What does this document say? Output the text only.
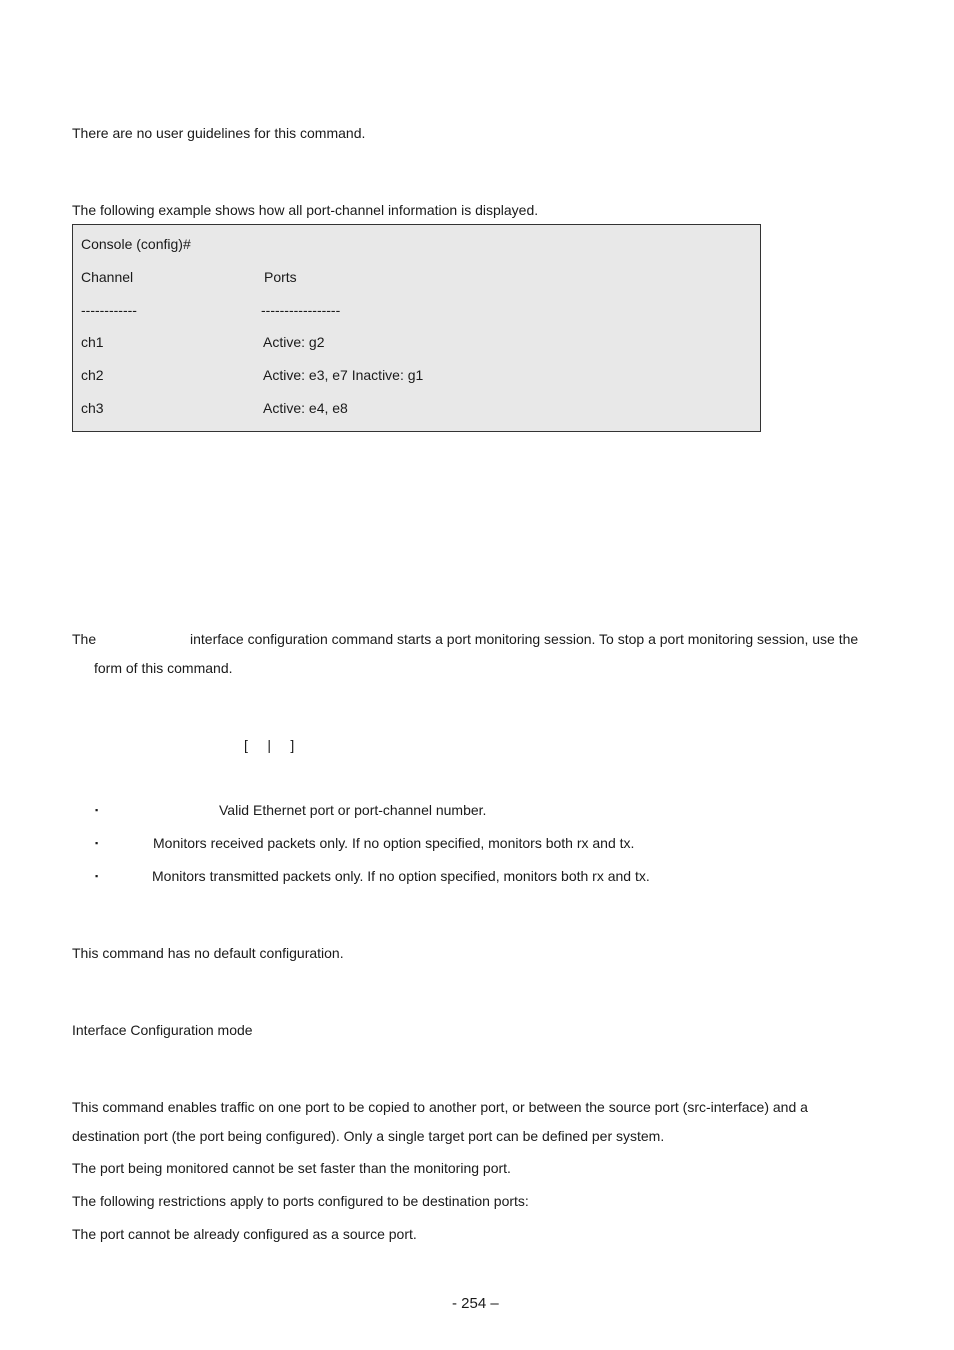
There are no user guidelines for this command.
The following example shows how all port-channel information is displayed.
Console (config)#
Channel	Ports
------------	-----------------
ch1	Active: g2
ch2	Active: e3, e7 Inactive: g1
ch3	Active: e4, e8
The	interface configuration command starts a port monitoring session. To stop a port monitoring session, use the
form of this command.
[     |     ]
▪	Valid Ethernet port or port-channel number.
▪	Monitors received packets only. If no option specified, monitors both rx and tx.
▪	Monitors transmitted packets only. If no option specified, monitors both rx and tx.
This command has no default configuration.
Interface Configuration mode
This command enables traffic on one port to be copied to another port, or between the source port (src-interface) and a
destination port (the port being configured). Only a single target port can be defined per system.
The port being monitored cannot be set faster than the monitoring port.
The following restrictions apply to ports configured to be destination ports:
The port cannot be already configured as a source port.
- 254 –
